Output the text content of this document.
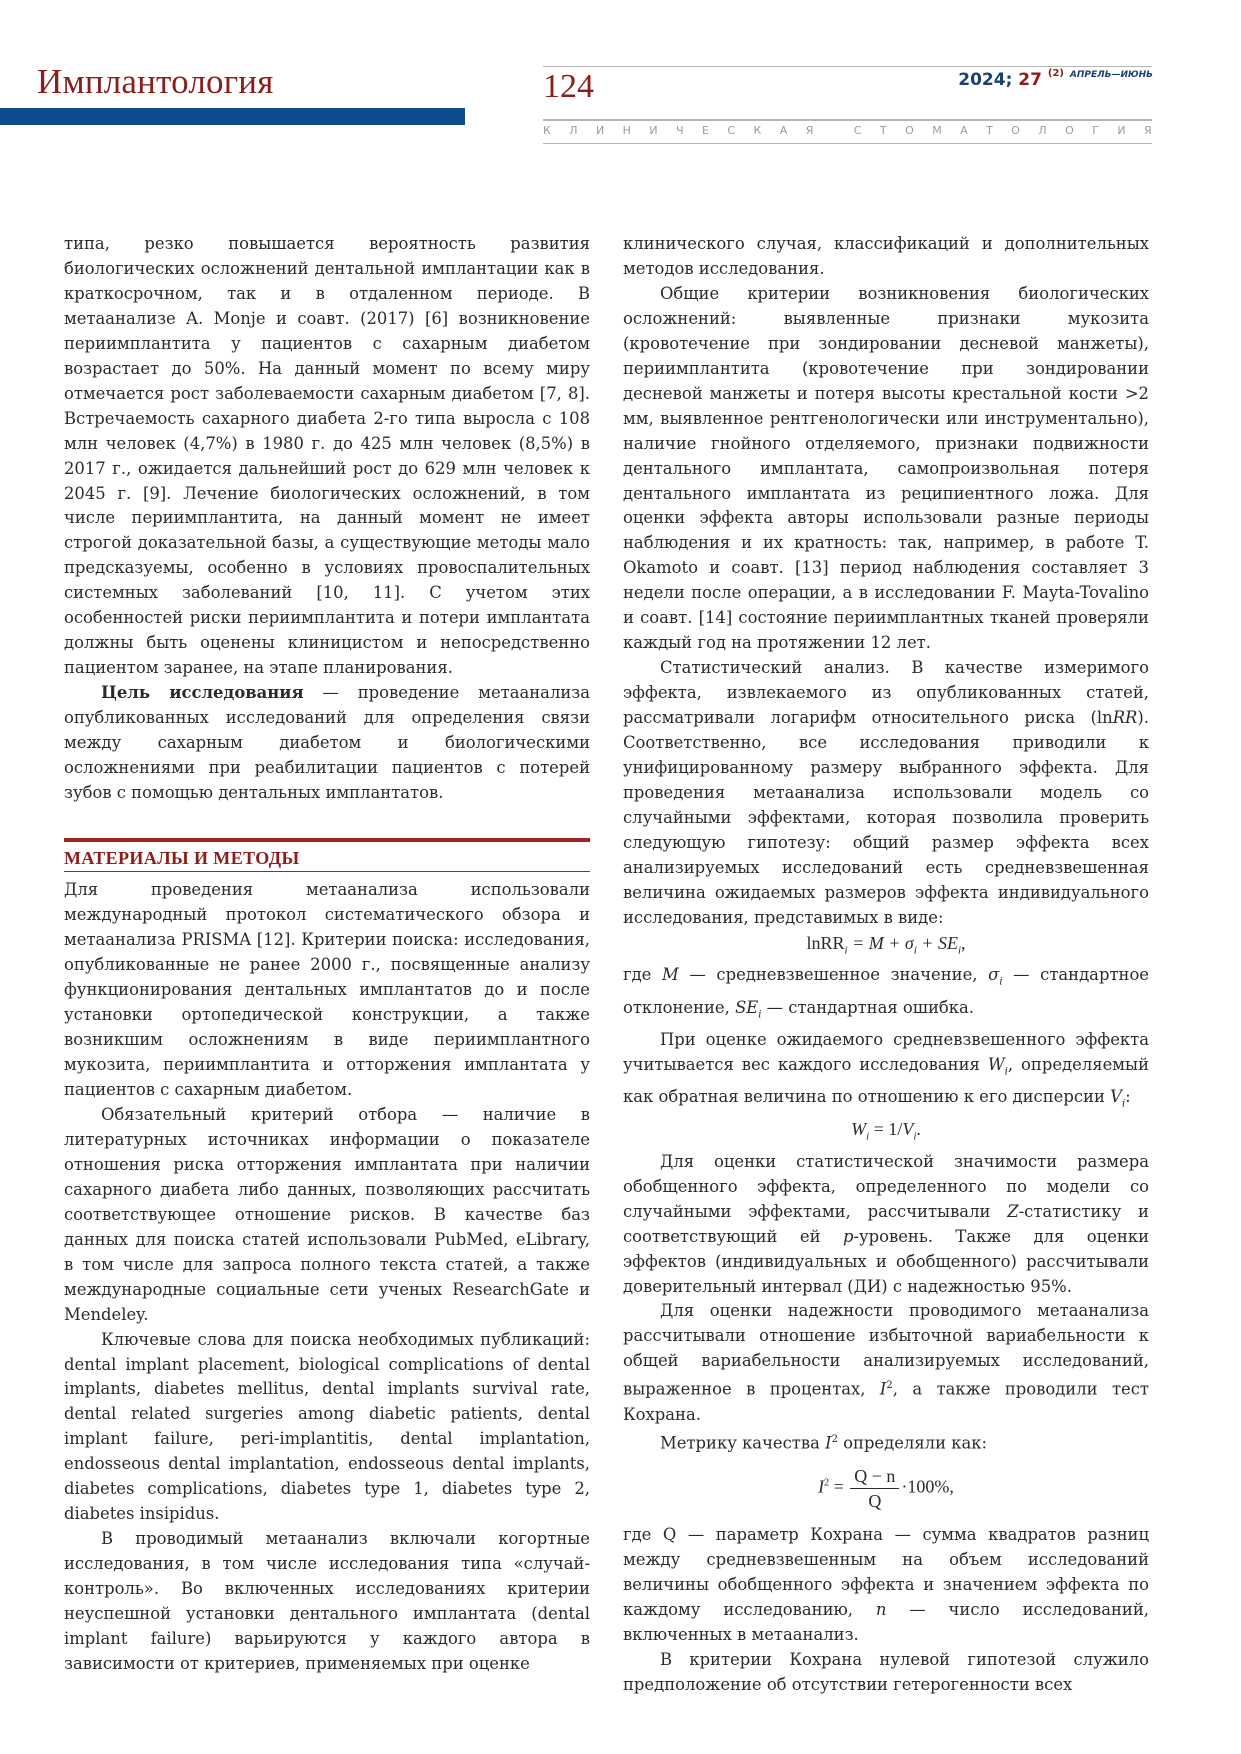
Имплантология	124	2024; 27 $^{(2)}$ $^{АПРЕЛЬ—ИЮНЬ}$
К Л И Н И Ч Е С К А Я
	С Т О М А Т О Л О Г И Я

типа, резко повышается вероятность развития биологических осложнений дентальной имплантации как в краткосрочном, так и в отдаленном периоде. В метаанализе A. Monje и соавт. (2017) [6] возникновение периимплантита у пациентов с сахарным диабетом возрастает до 50%. На данный момент по всему миру отмечается рост заболеваемости сахарным диабетом [7, 8]. Встречаемость сахарного диабета 2-го типа выросла с 108 млн человек (4,7%) в 1980 г. до 425 млн человек (8,5%) в 2017 г., ожидается дальнейший рост до 629 млн человек к 2045 г. [9]. Лечение биологических осложнений, в том числе периимплантита, на данный момент не имеет строгой доказательной базы, а существующие методы мало предсказуемы, особенно в условиях провоспалительных системных заболеваний [10, 11]. С учетом этих особенностей риски периимплантита и потери имплантата должны быть оценены клиницистом и непосредственно пациентом заранее, на этапе планирования.

Цель исследования — проведение метаанализа опубликованных исследований для определения связи между сахарным диабетом и биологическими осложнениями при реабилитации пациентов с потерей зубов с помощью дентальных имплантатов.

МАТЕРИАЛЫ И МЕТОДЫ

Для проведения метаанализа использовали международный протокол систематического обзора и метаанализа PRISMA [12]. Критерии поиска: исследования, опубликованные не ранее 2000 г., посвященные анализу функционирования дентальных имплантатов до и после установки ортопедической конструкции, а также возникшим осложнениям в виде периимплантного мукозита, периимплантита и отторжения имплантата у пациентов с сахарным диабетом.

Обязательный критерий отбора — наличие в литературных источниках информации о показателе отношения риска отторжения имплантата при наличии сахарного диабета либо данных, позволяющих рассчитать соответствующее отношение рисков. В качестве баз данных для поиска статей использовали PubMed, eLibrary, в том числе для запроса полного текста статей, а также международные социальные сети ученых ResearchGate и Mendeley.

Ключевые слова для поиска необходимых публикаций: dental implant placement, biological complications of dental implants, diabetes mellitus, dental implants survival rate, dental related surgeries among diabetic patients, dental implant failure, peri-implantitis, dental implantation, endosseous dental implantation, endosseous dental implants, diabetes complications, diabetes type 1, diabetes type 2, diabetes insipidus.

В проводимый метаанализ включали когортные исследования, в том числе исследования типа «случай-контроль». Во включенных исследованиях критерии неуспешной установки дентального имплантата (dental implant failure) варьируются у каждого автора в зависимости от критериев, применяемых при оценке

клинического случая, классификаций и дополнительных методов исследования.

Общие критерии возникновения биологических осложнений: выявленные признаки мукозита (кровотечение при зондировании десневой манжеты), периимплантита (кровотечение при зондировании десневой манжеты и потеря высоты крестальной кости >2 мм, выявленное рентгенологически или инструментально), наличие гнойного отделяемого, признаки подвижности дентального имплантата, самопроизвольная потеря дентального имплантата из реципиентного ложа. Для оценки эффекта авторы использовали разные периоды наблюдения и их кратность: так, например, в работе T. Okamoto и соавт. [13] период наблюдения составляет 3 недели после операции, а в исследовании F. Mayta-Tovalino и соавт. [14] состояние периимплантных тканей проверяли каждый год на протяжении 12 лет.

Статистический анализ. В качестве измеримого эффекта, извлекаемого из опубликованных статей, рассматривали логарифм относительного риска (lnRR). Соответственно, все исследования приводили к унифицированному размеру выбранного эффекта. Для проведения метаанализа использовали модель со случайными эффектами, которая позволила проверить следующую гипотезу: общий размер эффекта всех анализируемых исследований есть средневзвешенная величина ожидаемых размеров эффекта индивидуального исследования, представимых в виде:

lnRR$_i$ = $M + \sigma_i + SE_i$,

где M — средневзвешенное значение, $\sigma_i$ — стандартное отклонение, $SE_i$ — стандартная ошибка.

При оценке ожидаемого средневзвешенного эффекта учитывается вес каждого исследования $W_i$, определяемый как обратная величина по отношению к его дисперсии $V_i$:

$W_i = 1/V_i$.

Для оценки статистической значимости размера обобщенного эффекта, определенного по модели со случайными эффектами, рассчитывали Z-статистику и соответствующий ей p-уровень. Также для оценки эффектов (индивидуальных и обобщенного) рассчитывали доверительный интервал (ДИ) с надежностью 95%.

Для оценки надежности проводимого метаанализа рассчитывали отношение избыточной вариабельности к общей вариабельности анализируемых исследований, выраженное в процентах, $I^2$, а также проводили тест Кохрана.

Метрику качества $I^2$ определяли как:

$I^2 = \frac{Q - n}{Q} \cdot 100\%$,

где Q — параметр Кохрана — сумма квадратов разниц между средневзвешенным на объем исследований величины обобщенного эффекта и значением эффекта по каждому исследованию, n — число исследований, включенных в метаанализ.

В критерии Кохрана нулевой гипотезой служило предположение об отсутствии гетерогенности всех
